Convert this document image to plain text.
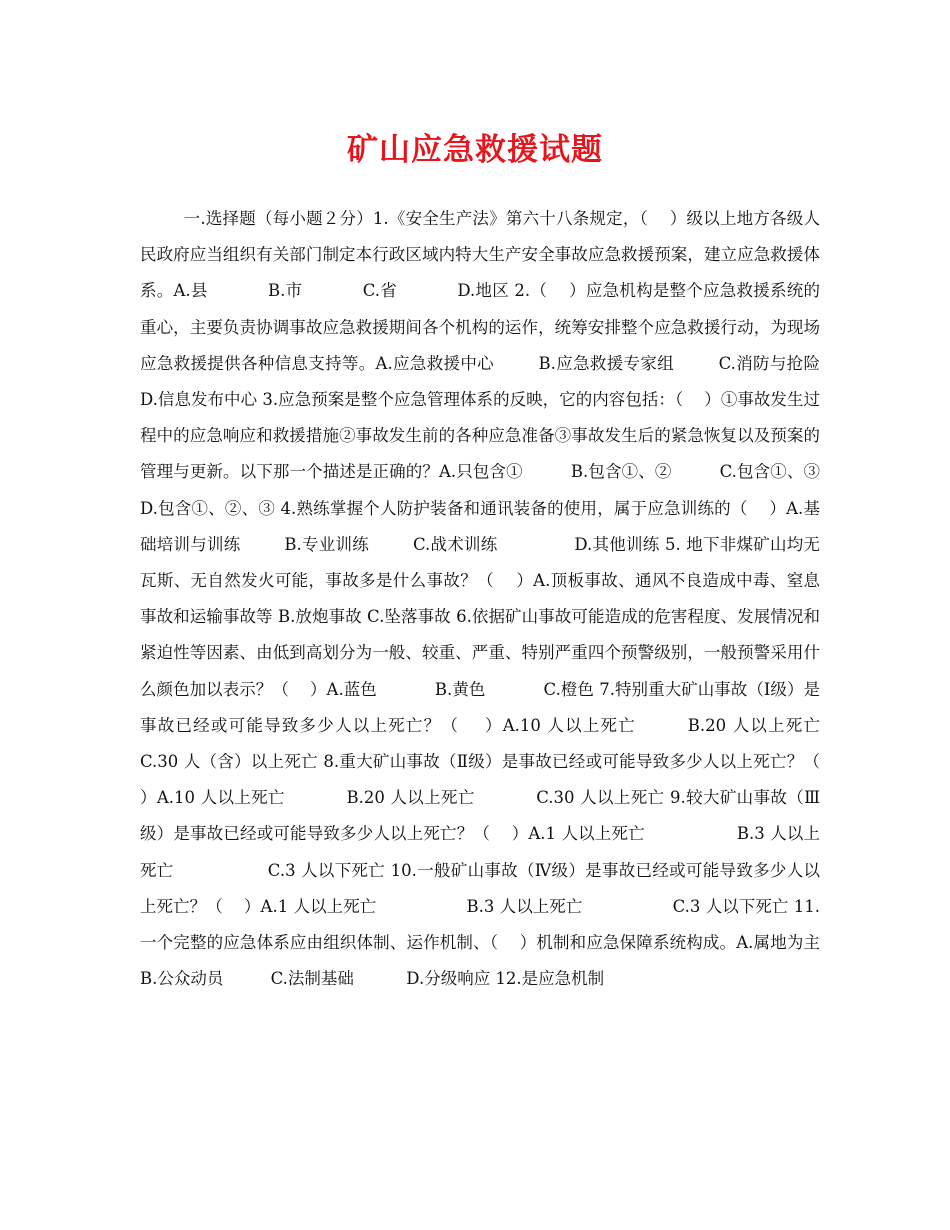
矿山应急救援试题

一.选择题（每小题２分）1.《安全生产法》第六十八条规定，（    ）级以上地方各级人民政府应当组织有关部门制定本行政区域内特大生产安全事故应急救援预案，建立应急救援体系。A.县           B.市           C.省           D.地区 2.（    ）应急机构是整个应急救援系统的重心，主要负责协调事故应急救援期间各个机构的运作，统筹安排整个应急救援行动，为现场应急救援提供各种信息支持等。A.应急救援中心        B.应急救援专家组        C.消防与抢险        D.信息发布中心 3.应急预案是整个应急管理体系的反映，它的内容包括：（    ）①事故发生过程中的应急响应和救援措施②事故发生前的各种应急准备③事故发生后的紧急恢复以及预案的管理与更新。以下那一个描述是正确的？A.只包含①         B.包含①、②         C.包含①、③            D.包含①、②、③ 4.熟练掌握个人防护装备和通讯装备的使用，属于应急训练的（    ）A.基础培训与训练        B.专业训练        C.战术训练              D.其他训练 5. 地下非煤矿山均无瓦斯、无自然发火可能，事故多是什么事故？（    ）A.顶板事故、通风不良造成中毒、窒息事故和运输事故等 B.放炮事故 C.坠落事故 6.依据矿山事故可能造成的危害程度、发展情况和紧迫性等因素、由低到高划分为一般、较重、严重、特别严重四个预警级别，一般预警采用什么颜色加以表示？（    ）A.蓝色           B.黄色           C.橙色 7.特别重大矿山事故（Ⅰ级）是事故已经或可能导致多少人以上死亡？（    ）A.10 人以上死亡        B.20 人以上死亡           C.30 人（含）以上死亡 8.重大矿山事故（Ⅱ级）是事故已经或可能导致多少人以上死亡？（    ）A.10 人以上死亡           B.20 人以上死亡           C.30 人以上死亡 9.较大矿山事故（Ⅲ级）是事故已经或可能导致多少人以上死亡？（    ）A.1 人以上死亡                 B.3 人以上死亡                 C.3 人以下死亡 10.一般矿山事故（Ⅳ级）是事故已经或可能导致多少人以上死亡？（    ）A.1 人以上死亡                 B.3 人以上死亡                 C.3 人以下死亡 11.一个完整的应急体系应由组织体制、运作机制、（    ）机制和应急保障系统构成。A.属地为主           B.公众动员         C.法制基础          D.分级响应 12.是应急机制
